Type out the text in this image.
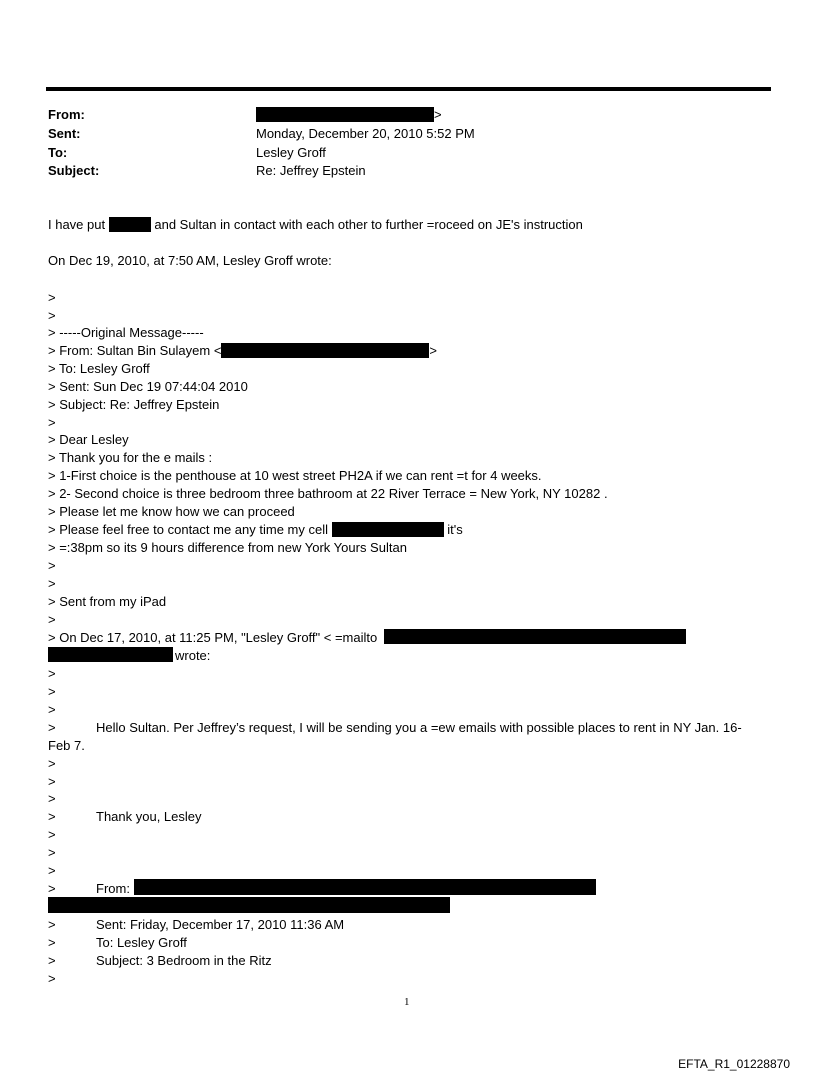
From:	>
Sent:	Monday, December 20, 2010 5:52 PM
To:	Lesley Groff
Subject:	Re: Jeffrey Epstein
I have put	and Sultan in contact with each other to further =roceed on JE's instruction
On Dec 19, 2010, at 7:50 AM, Lesley Groff wrote:
>
>
> -----Original Message-----
> From: Sultan Bin Sulayem <	>
> To: Lesley Groff
> Sent: Sun Dec 19 07:44:04 2010
> Subject: Re: Jeffrey Epstein
>
> Dear Lesley
> Thank you for the e mails :
> 1-First choice is the penthouse at 10 west street PH2A if we can rent =t for 4 weeks.
> 2- Second choice is three bedroom three bathroom at 22 River Terrace = New York, NY 10282 .
> Please let me know how we can proceed
> Please feel free to contact me any time my cell	it's
> =:38pm so its 9 hours difference from new York Yours Sultan
>
>
> Sent from my iPad
>
> On Dec 17, 2010, at 11:25 PM, "Lesley Groff" < =mailto
wrote:
>
>
>
>	Hello Sultan. Per Jeffrey’s request, I will be sending you a =ew emails with possible places to rent in NY Jan. 16-
Feb 7.
>
>
>
>	Thank you, Lesley
>
>
>
>	From:
>	Sent: Friday, December 17, 2010 11:36 AM
>	To: Lesley Groff
>	Subject: 3 Bedroom in the Ritz
>
1
EFTA_R1_01228870
